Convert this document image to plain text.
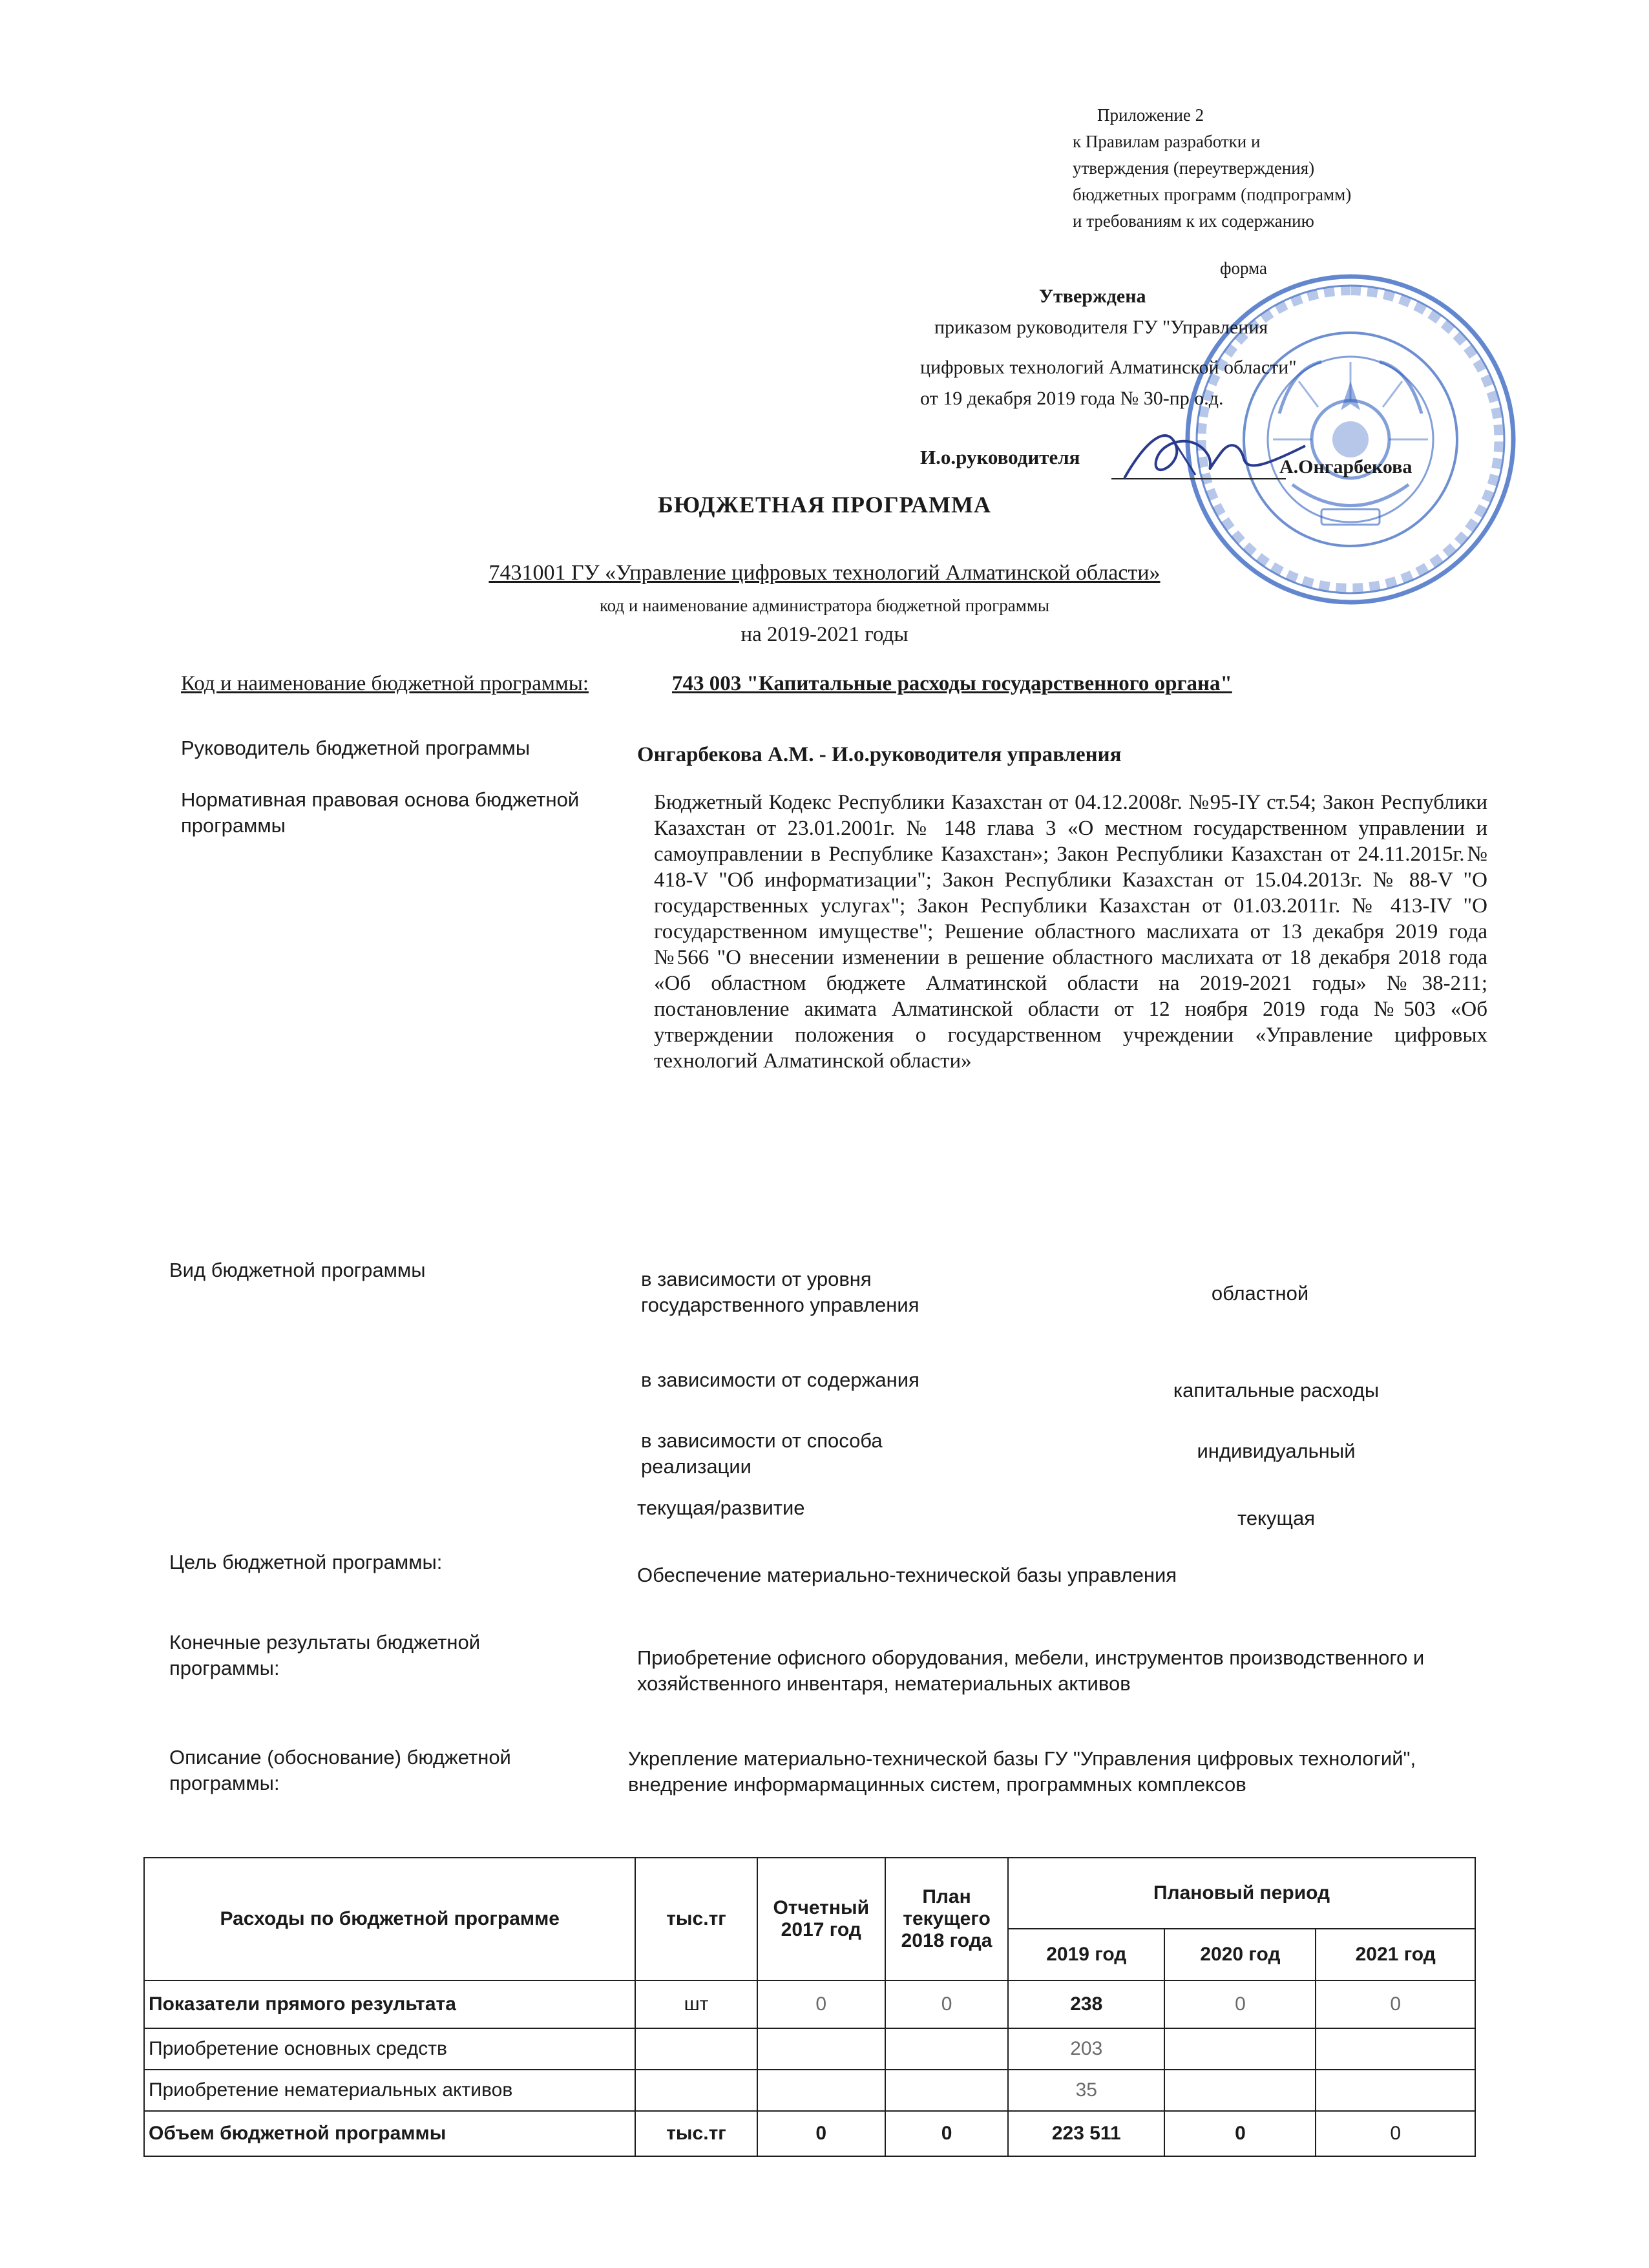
Приложение 2
к Правилам разработки и
утверждения (переутверждения)
бюджетных программ (подпрограмм)
и требованиям к их содержанию
форма
Утверждена
приказом руководителя ГУ "Управления
цифровых технологий Алматинской области"
от 19 декабря 2019 года № 30-пр о.д.
И.о.руководителя	А.Онгарбекова
БЮДЖЕТНАЯ ПРОГРАММА
7431001 ГУ «Управление цифровых технологий Алматинской области»
код и наименование администратора бюджетной программы
на 2019-2021 годы
Код и наименование бюджетной программы:	743 003 "Капитальные расходы государственного органа"
Руководитель бюджетной программы	Онгарбекова А.М. - И.о.руководителя управления
Нормативная правовая основа бюджетной программы
Бюджетный Кодекс Республики Казахстан от 04.12.2008г. №95-IY ст.54; Закон Республики Казахстан от 23.01.2001г. № 148 глава 3 «О местном государственном управлении и самоуправлении в Республике Казахстан»; Закон Республики Казахстан от 24.11.2015г.№ 418-V "Об информатизации"; Закон Республики Казахстан от 15.04.2013г. № 88-V "О государственных услугах"; Закон Республики Казахстан от 01.03.2011г. № 413-IV "О государственном имуществе"; Решение областного маслихата от 13 декабря 2019 года №566 "О внесении изменении в решение областного маслихата от 18 декабря 2018 года «Об областном бюджете Алматинской области на 2019-2021 годы» №38-211; постановление акимата Алматинской области от 12 ноября 2019 года №503 «Об утверждении положения о государственном учреждении «Управление цифровых технологий Алматинской области»
Вид бюджетной программы	в зависимости от уровня государственного управления
областной
в зависимости от содержания	капитальные расходы
в зависимости от способа реализации
индивидуальный
текущая/развитие	текущая
Цель бюджетной программы:
Обеспечение материально-технической базы управления
Конечные результаты бюджетной программы:	Приобретение офисного оборудования, мебели, инструментов производственного и хозяйственного инвентаря, нематериальных активов
Описание (обоснование) бюджетной программы:
Укрепление материально-технической базы ГУ "Управления цифровых технологий", внедрение информармацинных систем, программных комплексов
Расходы по бюджетной программе	тыс.тг	Отчетный 2017 год	План текущего 2018 года	Плановый период		
				2019 год	2020 год	2021 год
Показатели прямого результата	шт	0	0	238	0	0
Приобретение основных средств				203		
Приобретение нематериальных активов				35		
Объем бюджетной программы	тыс.тг	0	0	223 511	0	0
